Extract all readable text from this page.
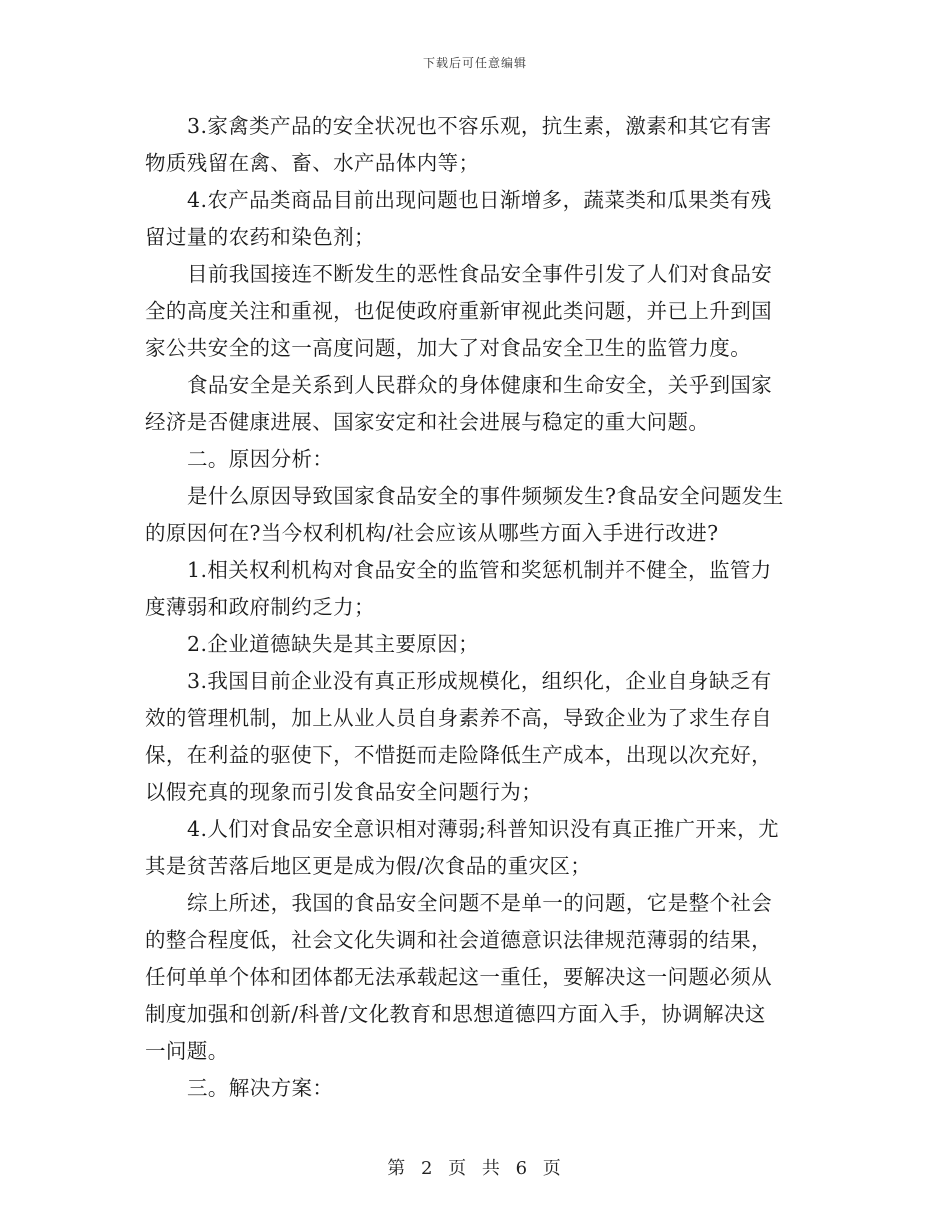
下载后可任意编辑
3.家禽类产品的安全状况也不容乐观，抗生素，激素和其它有害
物质残留在禽、畜、水产品体内等；
4.农产品类商品目前出现问题也日渐增多，蔬菜类和瓜果类有残
留过量的农药和染色剂；
目前我国接连不断发生的恶性食品安全事件引发了人们对食品安
全的高度关注和重视，也促使政府重新审视此类问题，并已上升到国
家公共安全的这一高度问题，加大了对食品安全卫生的监管力度。
食品安全是关系到人民群众的身体健康和生命安全，关乎到国家
经济是否健康进展、国家安定和社会进展与稳定的重大问题。
二。原因分析：
是什么原因导致国家食品安全的事件频频发生?食品安全问题发生
的原因何在?当今权利机构/社会应该从哪些方面入手进行改进?
1.相关权利机构对食品安全的监管和奖惩机制并不健全，监管力
度薄弱和政府制约乏力；
2.企业道德缺失是其主要原因；
3.我国目前企业没有真正形成规模化，组织化，企业自身缺乏有
效的管理机制，加上从业人员自身素养不高，导致企业为了求生存自
保，在利益的驱使下，不惜挺而走险降低生产成本，出现以次充好，
以假充真的现象而引发食品安全问题行为；
4.人们对食品安全意识相对薄弱;科普知识没有真正推广开来，尤
其是贫苦落后地区更是成为假/次食品的重灾区；
综上所述，我国的食品安全问题不是单一的问题，它是整个社会
的整合程度低，社会文化失调和社会道德意识法律规范薄弱的结果，
任何单单个体和团体都无法承载起这一重任，要解决这一问题必须从
制度加强和创新/科普/文化教育和思想道德四方面入手，协调解决这
一问题。
三。解决方案：
第 2 页 共 6 页
